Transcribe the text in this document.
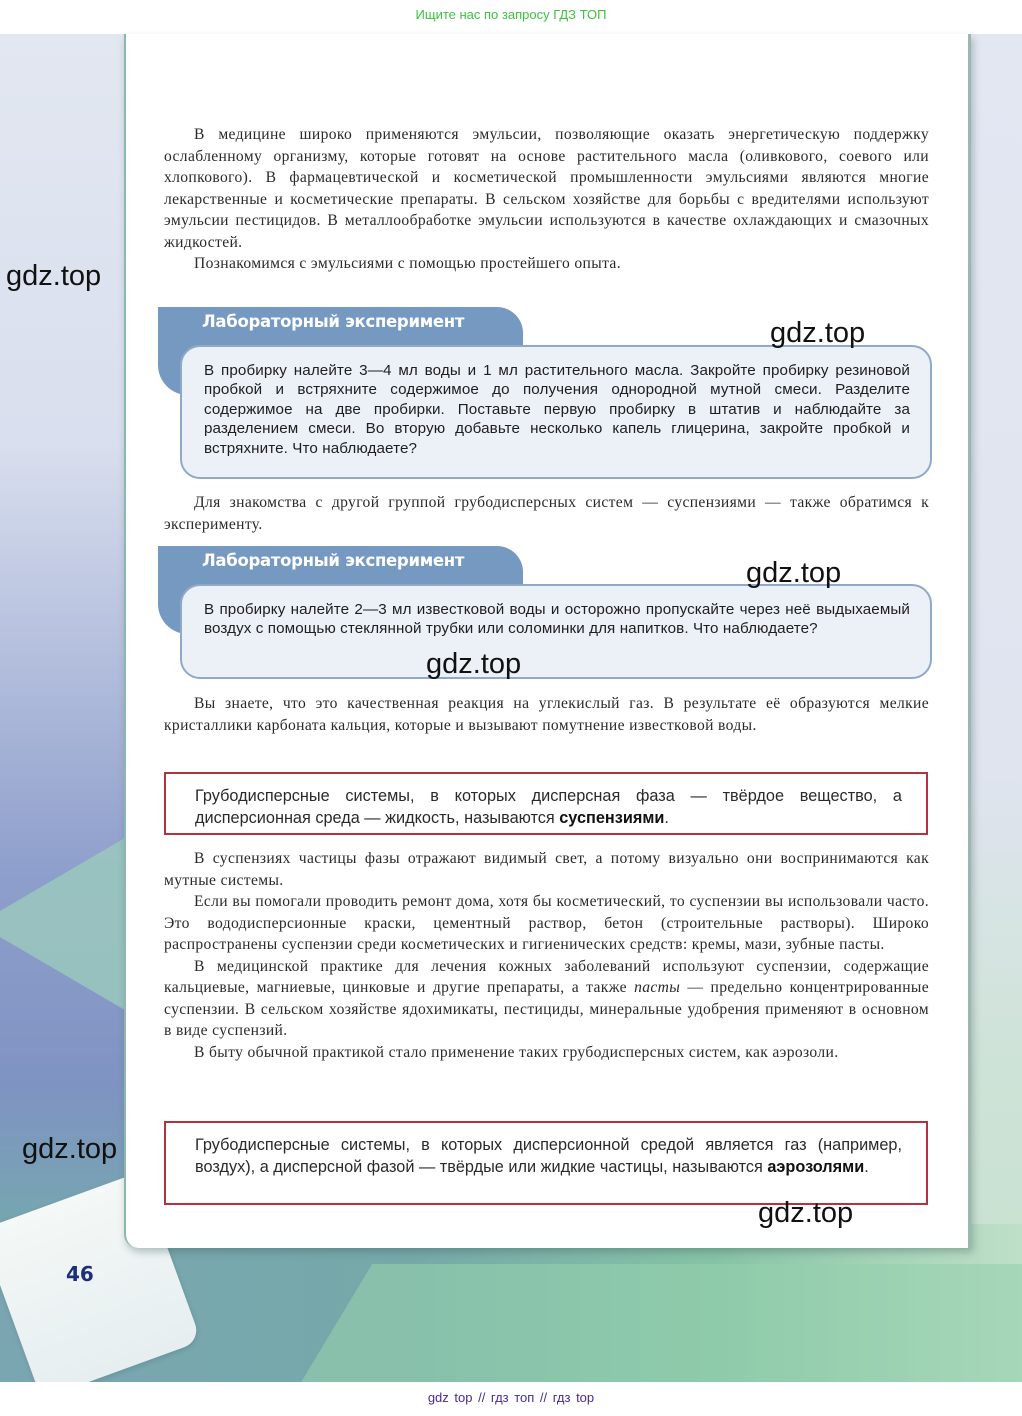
Ищите нас по запросу ГДЗ ТОП
46

В медицине широко применяются эмульсии, позволяющие оказать энергетическую поддержку ослабленному организму, которые готовят на основе растительного масла (оливкового, соевого или хлопкового). В фармацевтической и косметической промышленности эмульсиями являются многие лекарственные и косметические препараты. В сельском хозяйстве для борьбы с вредителями используют эмульсии пестицидов. В металлообработке эмульсии используются в качестве охлаждающих и смазочных жидкостей.

Познакомимся с эмульсиями с помощью простейшего опыта.

Лабораторный эксперимент
В пробирку налейте 3—4 мл воды и 1 мл растительного масла. Закройте пробирку резиновой пробкой и встряхните содержимое до получения однородной мутной смеси. Разделите содержимое на две пробирки. Поставьте первую пробирку в штатив и наблюдайте за разделением смеси. Во вторую добавьте несколько капель глицерина, закройте пробкой и встряхните. Что наблюдаете?

Для знакомства с другой группой грубодисперсных систем — суспензиями — также обратимся к эксперименту.

Лабораторный эксперимент
В пробирку налейте 2—3 мл известковой воды и осторожно пропускайте через неё выдыхаемый воздух с помощью стеклянной трубки или соломинки для напитков. Что наблюдаете?

Вы знаете, что это качественная реакция на углекислый газ. В результате её образуются мелкие кристаллики карбоната кальция, которые и вызывают помутнение известковой воды.

Грубодисперсные системы, в которых дисперсная фаза — твёрдое вещество, а дисперсионная среда — жидкость, называются суспензиями.

В суспензиях частицы фазы отражают видимый свет, а потому визуально они воспринимаются как мутные системы.

Если вы помогали проводить ремонт дома, хотя бы косметический, то суспензии вы использовали часто. Это вододисперсионные краски, цементный раствор, бетон (строительные растворы). Широко распространены суспензии среди косметических и гигиенических средств: кремы, мази, зубные пасты.

В медицинской практике для лечения кожных заболеваний используют суспензии, содержащие кальциевые, магниевые, цинковые и другие препараты, а также пасты — предельно концентрированные суспензии. В сельском хозяйстве ядохимикаты, пестициды, минеральные удобрения применяют в основном в виде суспензий.

В быту обычной практикой стало применение таких грубодисперсных систем, как аэрозоли.

Грубодисперсные системы, в которых дисперсионной средой является газ (например, воздух), а дисперсной фазой — твёрдые или жидкие частицы, называются аэрозолями.
gdz.top
gdz.top
gdz.top
gdz.top
gdz.top
gdz.top
gdz top // гдз топ // гдз top
